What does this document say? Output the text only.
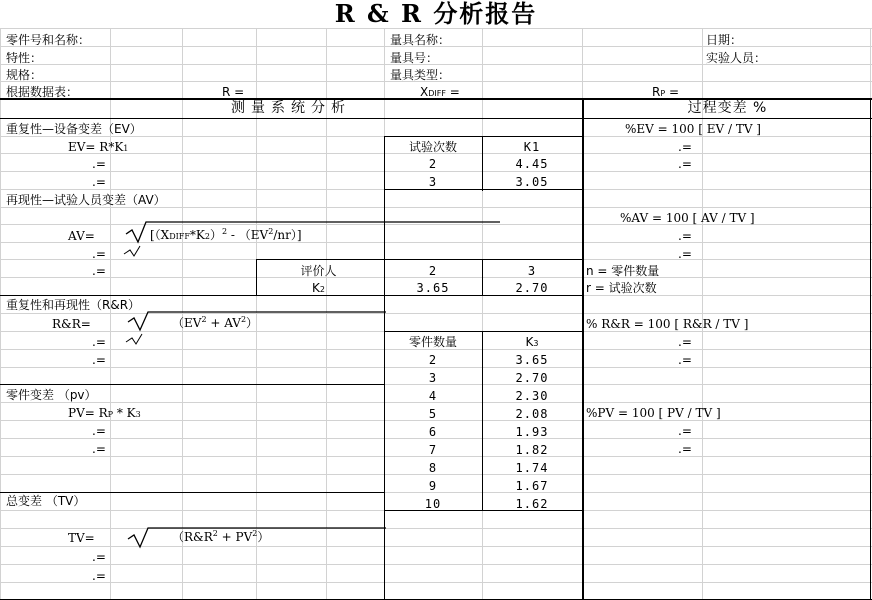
R & R 分析报告
零件号和名称：
特性：
规格：
根据数据表：	R =
量具名称：
量具号：
量具类型：
XDIFF =
日期：
实验人员：
RP =
测量系统分析	过程变差 %
重复性—设备变差（EV）
EV= R*K1
.=
.=
%EV = 100 [ EV / TV ]
.=
.=
试验次数	K1
2	4.45
3	3.05
再现性—试验人员变差（AV）
AV=	[（XDIFF*K2）$^2$ - $(EV^2/nr)$]
.=
.=
%AV = 100 [ AV / TV ]
.=
.=
评价人	2	3
K2	3.65	2.70
n = 零件数量
r = 试验次数
重复性和再现性（R&R）
R&R=	$(EV^2 + AV^2)$
.=
.=
% R&R = 100 [ R&R / TV ]
.=
.=
零件数量	K3
2	3.65
3	2.70
4	2.30
5	2.08
6	1.93
7	1.82
8	1.74
9	1.67
10	1.62
零件变差 （pv）
PV= RP * K3
.=
.=
%PV = 100 [ PV / TV ]
.=
.=
总变差 （TV）
TV=	$(R\&R^2 + PV^2)$
.=
.=
